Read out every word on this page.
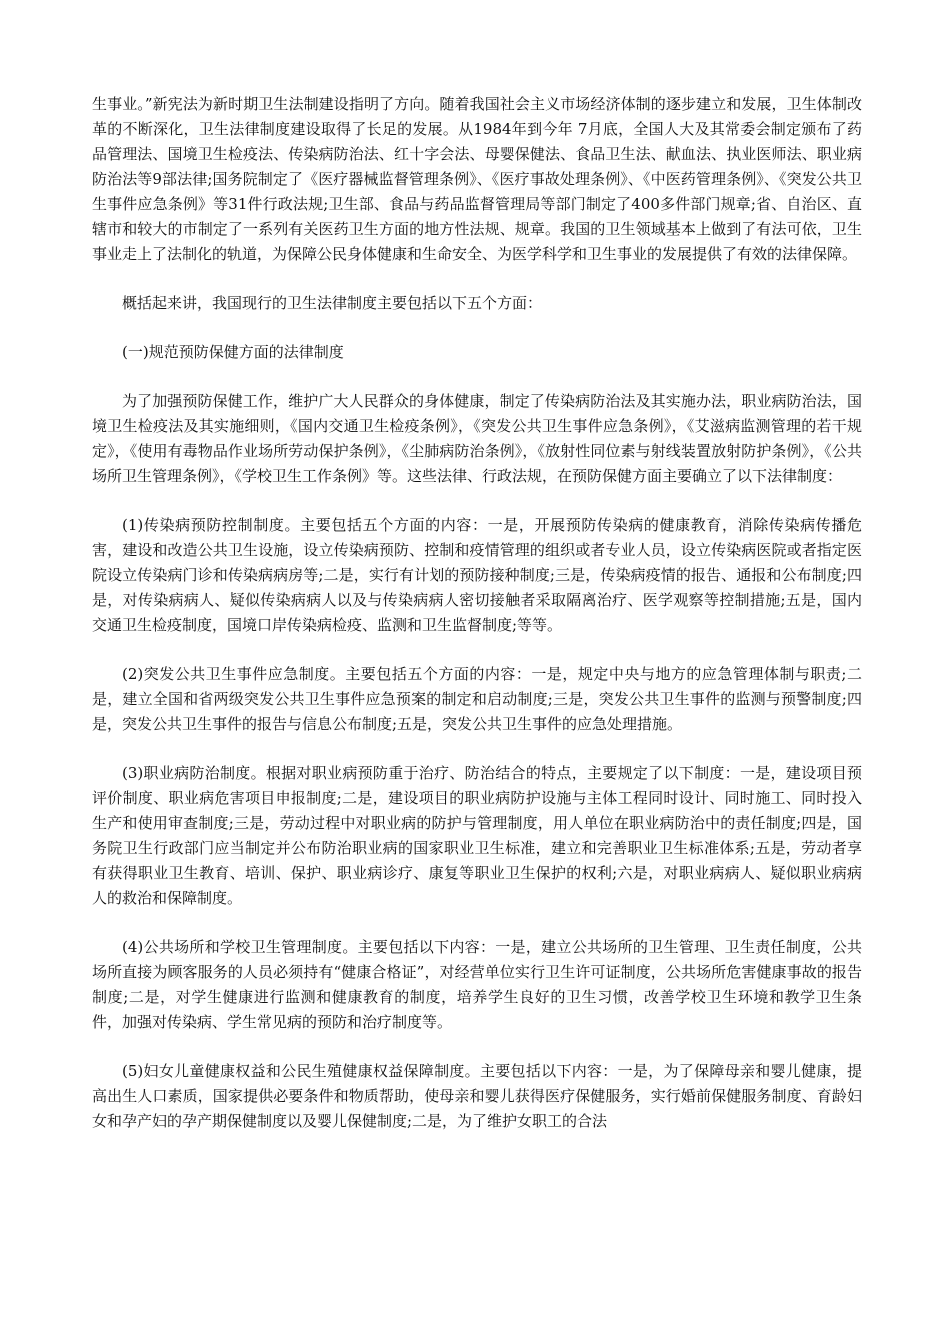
生事业。”新宪法为新时期卫生法制建设指明了方向。随着我国社会主义市场经济体制的逐步建立和发展，卫生体制改革的不断深化，卫生法律制度建设取得了长足的发展。从1984年到今年 7月底，全国人大及其常委会制定颁布了药品管理法、国境卫生检疫法、传染病防治法、红十字会法、母婴保健法、食品卫生法、献血法、执业医师法、职业病防治法等9部法律;国务院制定了《医疗器械监督管理条例》、《医疗事故处理条例》、《中医药管理条例》、《突发公共卫生事件应急条例》等31件行政法规;卫生部、食品与药品监督管理局等部门制定了400多件部门规章;省、自治区、直辖市和较大的市制定了一系列有关医药卫生方面的地方性法规、规章。我国的卫生领域基本上做到了有法可依，卫生事业走上了法制化的轨道，为保障公民身体健康和生命安全、为医学科学和卫生事业的发展提供了有效的法律保障。

概括起来讲，我国现行的卫生法律制度主要包括以下五个方面：

(一)规范预防保健方面的法律制度

为了加强预防保健工作，维护广大人民群众的身体健康，制定了传染病防治法及其实施办法，职业病防治法，国境卫生检疫法及其实施细则，《国内交通卫生检疫条例》，《突发公共卫生事件应急条例》，《艾滋病监测管理的若干规定》，《使用有毒物品作业场所劳动保护条例》，《尘肺病防治条例》，《放射性同位素与射线装置放射防护条例》，《公共场所卫生管理条例》，《学校卫生工作条例》等。这些法律、行政法规，在预防保健方面主要确立了以下法律制度：

(1)传染病预防控制制度。主要包括五个方面的内容：一是，开展预防传染病的健康教育，消除传染病传播危害，建设和改造公共卫生设施，设立传染病预防、控制和疫情管理的组织或者专业人员，设立传染病医院或者指定医院设立传染病门诊和传染病病房等;二是，实行有计划的预防接种制度;三是，传染病疫情的报告、通报和公布制度;四是，对传染病病人、疑似传染病病人以及与传染病病人密切接触者采取隔离治疗、医学观察等控制措施;五是，国内交通卫生检疫制度，国境口岸传染病检疫、监测和卫生监督制度;等等。

(2)突发公共卫生事件应急制度。主要包括五个方面的内容：一是，规定中央与地方的应急管理体制与职责;二是，建立全国和省两级突发公共卫生事件应急预案的制定和启动制度;三是，突发公共卫生事件的监测与预警制度;四是，突发公共卫生事件的报告与信息公布制度;五是，突发公共卫生事件的应急处理措施。

(3)职业病防治制度。根据对职业病预防重于治疗、防治结合的特点，主要规定了以下制度：一是，建设项目预评价制度、职业病危害项目申报制度;二是，建设项目的职业病防护设施与主体工程同时设计、同时施工、同时投入生产和使用审查制度;三是，劳动过程中对职业病的防护与管理制度，用人单位在职业病防治中的责任制度;四是，国务院卫生行政部门应当制定并公布防治职业病的国家职业卫生标准，建立和完善职业卫生标准体系;五是，劳动者享有获得职业卫生教育、培训、保护、职业病诊疗、康复等职业卫生保护的权利;六是，对职业病病人、疑似职业病病人的救治和保障制度。

(4)公共场所和学校卫生管理制度。主要包括以下内容：一是，建立公共场所的卫生管理、卫生责任制度，公共场所直接为顾客服务的人员必须持有“健康合格证”，对经营单位实行卫生许可证制度，公共场所危害健康事故的报告制度;二是，对学生健康进行监测和健康教育的制度，培养学生良好的卫生习惯，改善学校卫生环境和教学卫生条件，加强对传染病、学生常见病的预防和治疗制度等。

(5)妇女儿童健康权益和公民生殖健康权益保障制度。主要包括以下内容：一是，为了保障母亲和婴儿健康，提高出生人口素质，国家提供必要条件和物质帮助，使母亲和婴儿获得医疗保健服务，实行婚前保健服务制度、育龄妇女和孕产妇的孕产期保健制度以及婴儿保健制度;二是，为了维护女职工的合法
